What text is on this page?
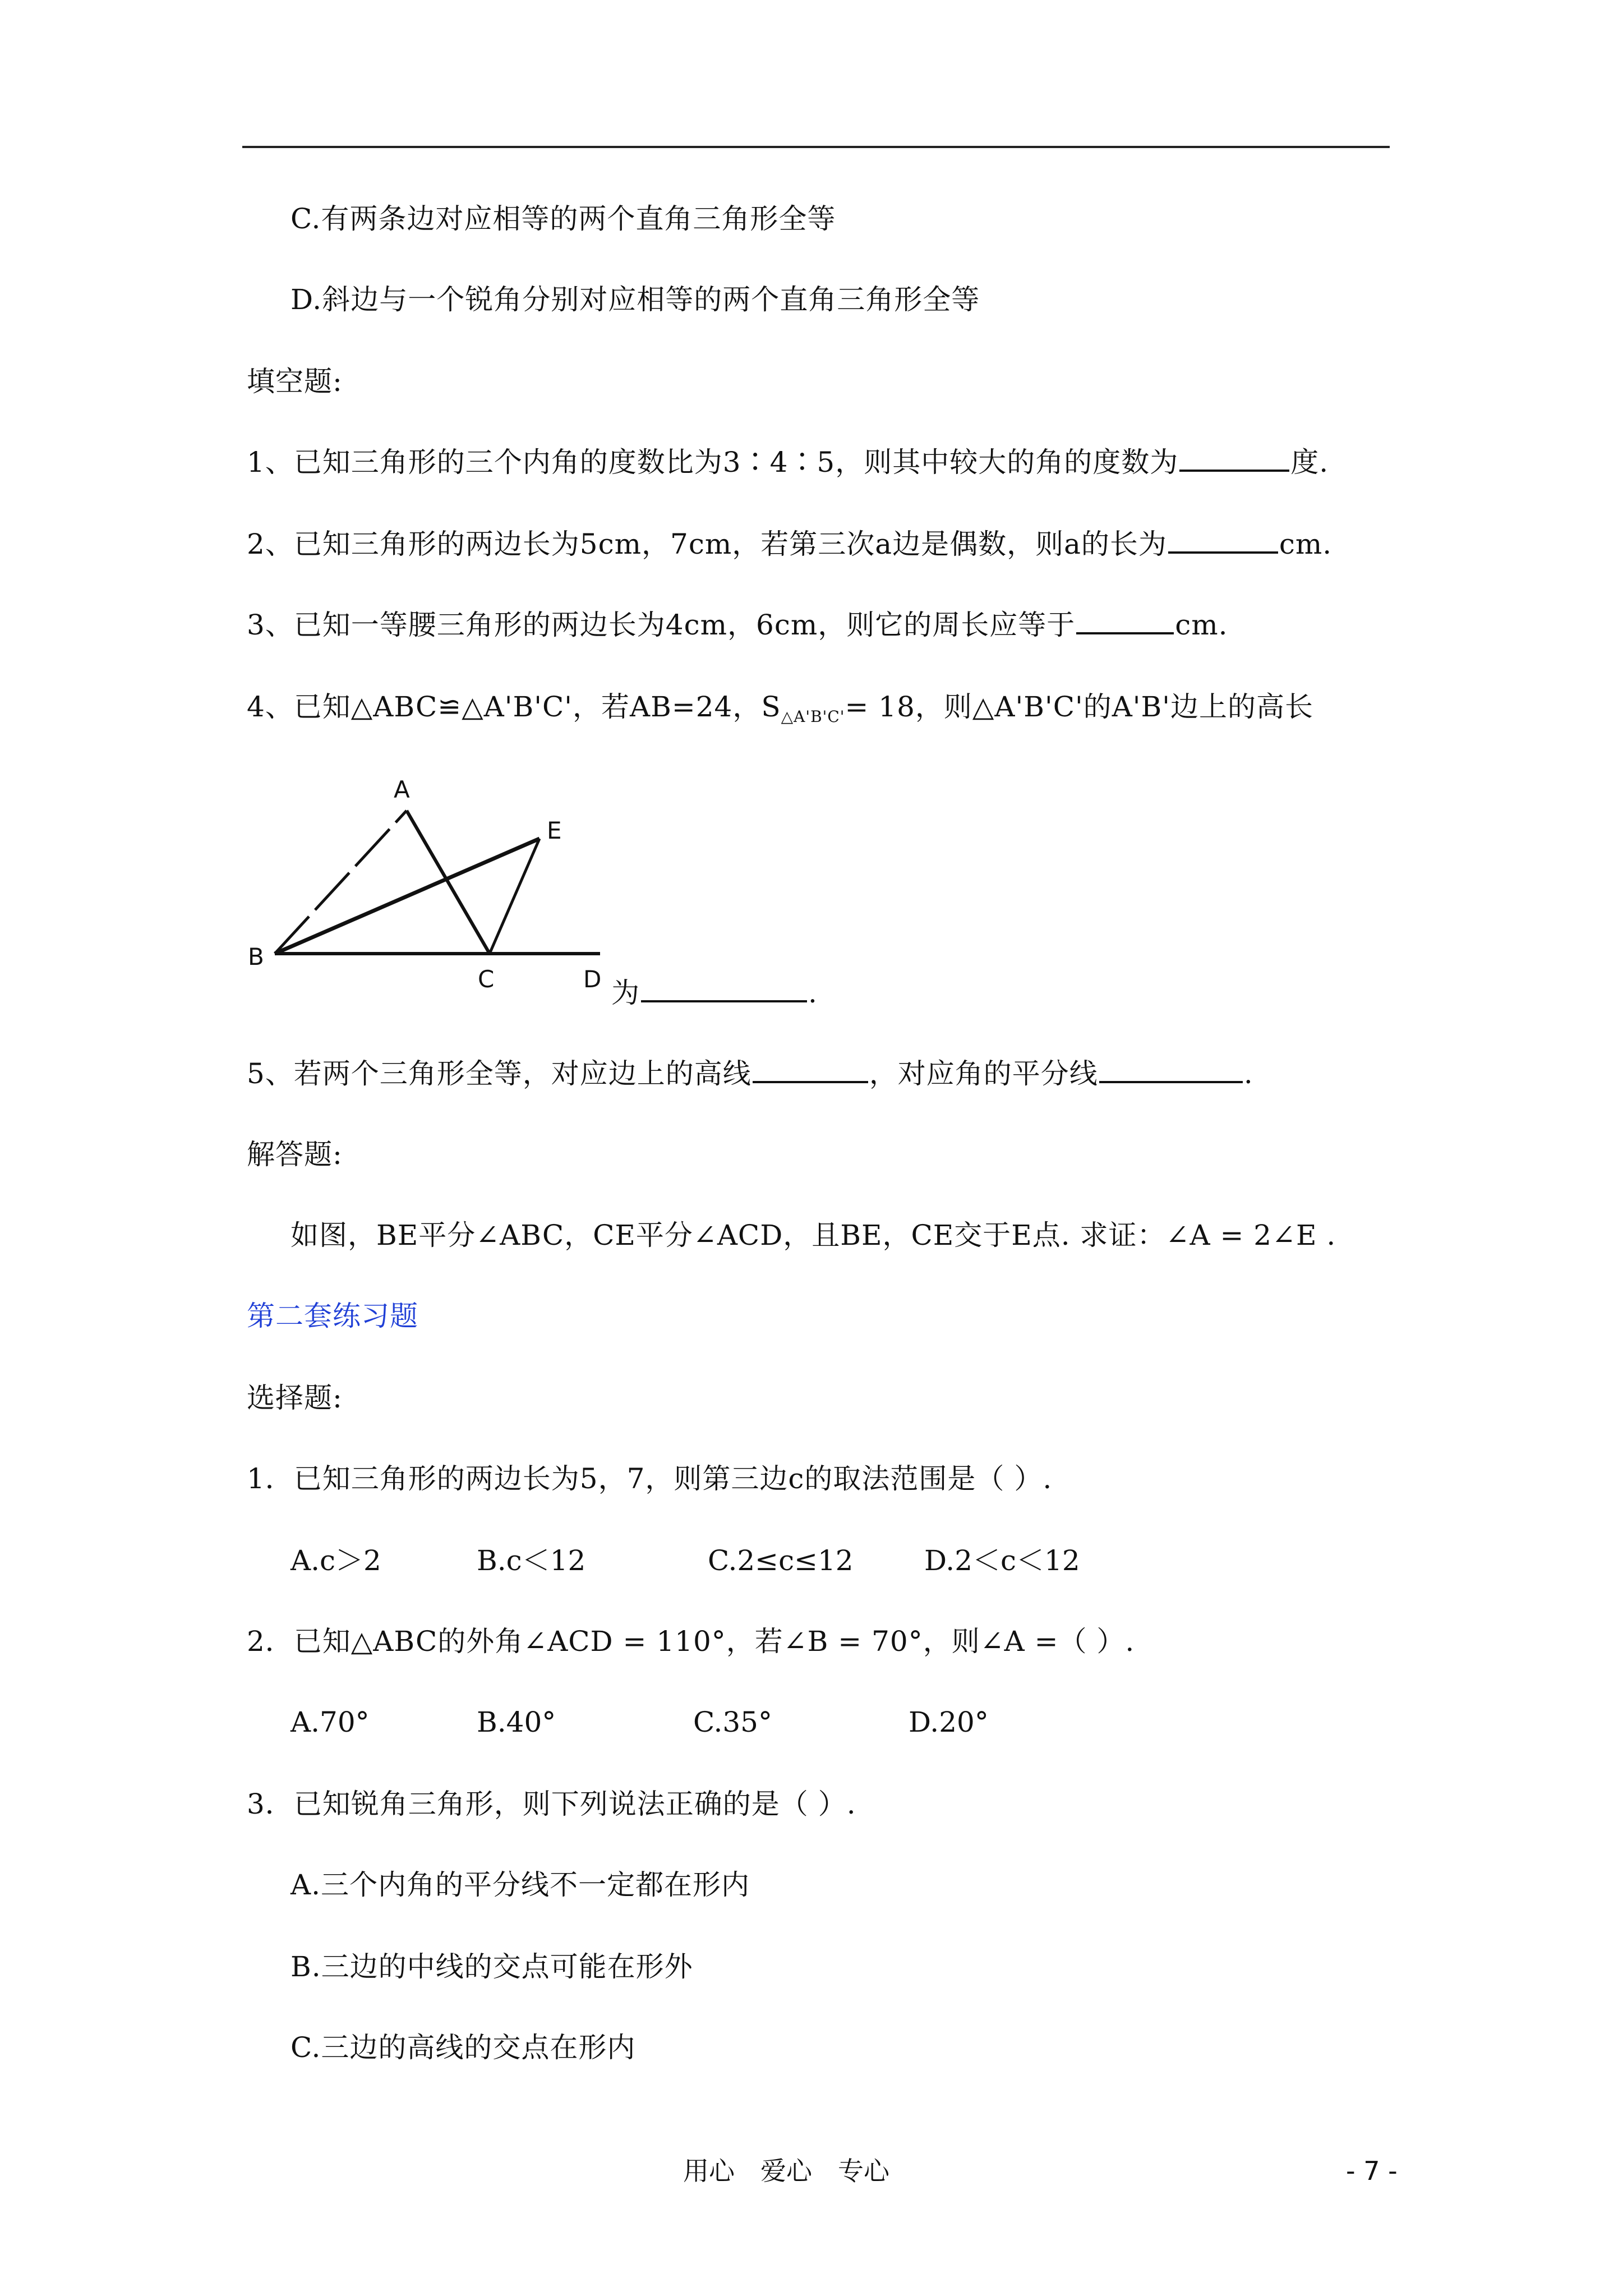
C.有两条边对应相等的两个直角三角形全等
D.斜边与一个锐角分别对应相等的两个直角三角形全等
填空题:
1、已知三角形的三个内角的度数比为3∶4∶5，则其中较大的角的度数为	度.
2、已知三角形的两边长为5cm，7cm，若第三次a边是偶数，则a的长为	cm.
3、已知一等腰三角形的两边长为4cm，6cm，则它的周长应等于	cm.
4、已知△ABC≌△A'B'C'，若AB=24，$S_{\triangle A'B'C'}= 18$，则△A'B'C'的A'B'边上的高长
A
B
C	D
E
为	.
5、若两个三角形全等，对应边上的高线	，对应角的平分线	.
解答题:
如图，BE平分∠ABC，CE平分∠ACD，且BE，CE交于E点. 求证：∠A = 2∠E .
第二套练习题
选择题:
1．已知三角形的两边长为5，7，则第三边c的取法范围是（ ）.
A.c＞2	B.c＜12	C.2≤c≤12	D.2＜c＜12
2．已知△ABC的外角∠ACD = 110°，若∠B = 70°，则∠A =（ ）.
A.70°	B.40°	C.35°	D.20°
3．已知锐角三角形，则下列说法正确的是（ ）.
A.三个内角的平分线不一定都在形内
B.三边的中线的交点可能在形外
C.三边的高线的交点在形内
用心　爱心　专心	- 7 -
